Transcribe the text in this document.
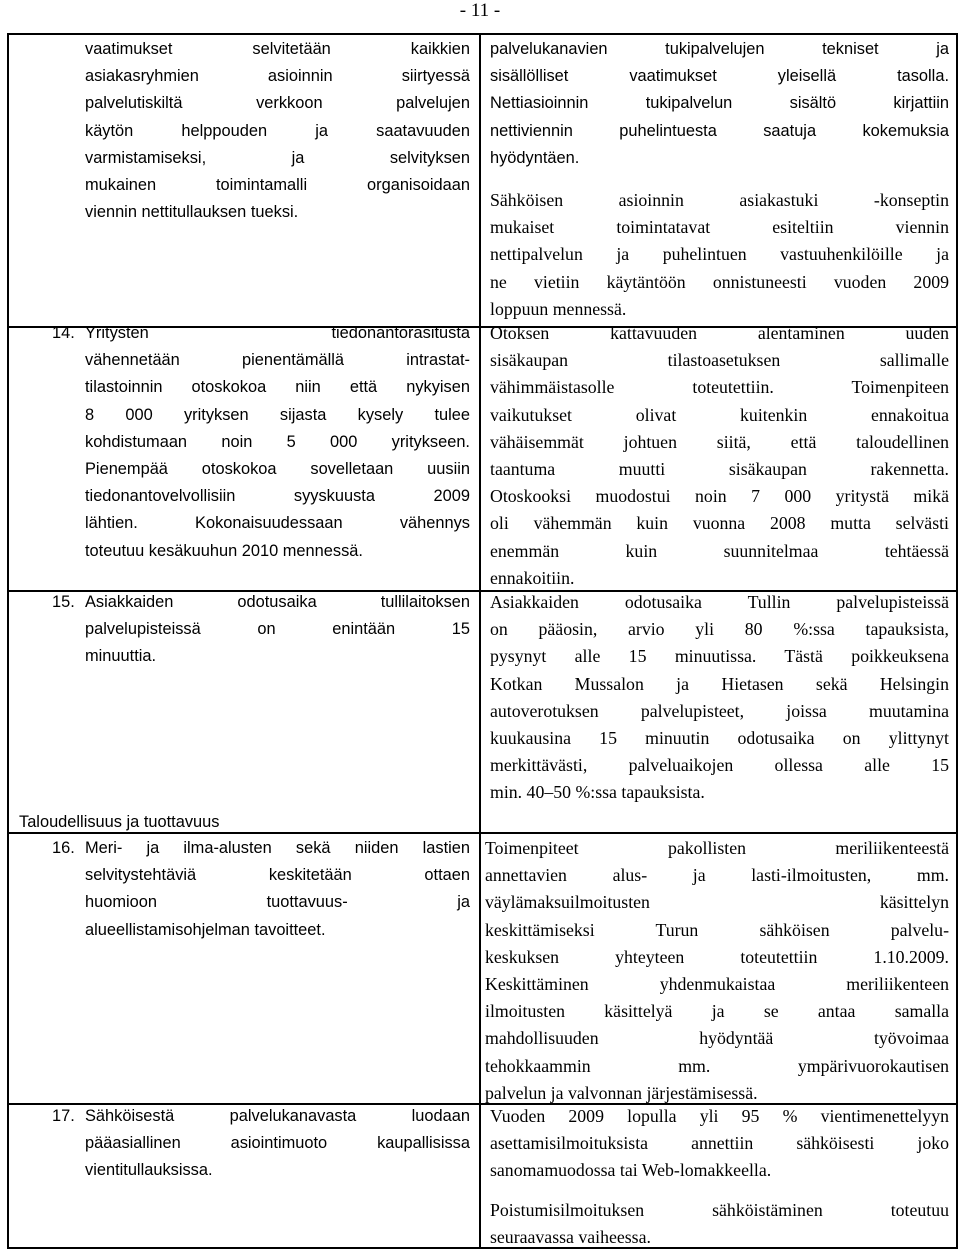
- 11 -
vaatimukset selvitetään kaikkien
asiakasryhmien asioinnin siirtyessä
palvelutiskiltä verkkoon palvelujen
käytön helppouden ja saatavuuden
varmistamiseksi, ja selvityksen
mukainen toimintamalli organisoidaan
viennin nettitullauksen tueksi.
palvelukanavien tukipalvelujen tekniset ja
sisällölliset vaatimukset yleisellä tasolla.
Nettiasioinnin tukipalvelun sisältö kirjattiin
nettiviennin puhelintuesta saatuja kokemuksia
hyödyntäen.
Sähköisen asioinnin asiakastuki -konseptin
mukaiset toimintatavat esiteltiin viennin
nettipalvelun ja puhelintuen vastuuhenkilöille ja
ne vietiin käytäntöön onnistuneesti vuoden 2009
loppuun mennessä.
14. Yritysten tiedonantorasitusta
vähennetään pienentämällä intrastat-
tilastoinnin otoskokoa niin että nykyisen
8 000 yrityksen sijasta kysely tulee
kohdistumaan noin 5 000 yritykseen.
Pienempää otoskokoa sovelletaan uusiin
tiedonantovelvollisiin syyskuusta 2009
lähtien. Kokonaisuudessaan vähennys
toteutuu kesäkuuhun 2010 mennessä.
Otoksen kattavuuden alentaminen uuden
sisäkaupan tilastoasetuksen sallimalle
vähimmäistasolle toteutettiin. Toimenpiteen
vaikutukset olivat kuitenkin ennakoitua
vähäisemmät johtuen siitä, että taloudellinen
taantuma muutti sisäkaupan rakennetta.
Otoskooksi muodostui noin 7 000 yritystä mikä
oli vähemmän kuin vuonna 2008 mutta selvästi
enemmän kuin suunnitelmaa tehtäessä
ennakoitiin.
15. Asiakkaiden odotusaika tullilaitoksen
palvelupisteissä on enintään 15
minuuttia.
Asiakkaiden odotusaika Tullin palvelupisteissä
on pääosin, arvio yli 80 %:ssa tapauksista,
pysynyt alle 15 minuutissa. Tästä poikkeuksena
Kotkan Mussalon ja Hietasen sekä Helsingin
autoverotuksen palvelupisteet, joissa muutamina
kuukausina 15 minuutin odotusaika on ylittynyt
merkittävästi, palveluaikojen ollessa alle 15
min. 40–50 %:ssa tapauksista.
Taloudellisuus ja tuottavuus
16. Meri- ja ilma-alusten sekä niiden lastien
selvitystehtäviä keskitetään ottaen
huomioon tuottavuus- ja
alueellistamisohjelman tavoitteet.
Toimenpiteet pakollisten meriliikenteestä
annettavien alus- ja lasti-ilmoitusten, mm.
väylämaksuilmoitusten käsittelyn
keskittämiseksi Turun sähköisen palvelu-
keskuksen yhteyteen toteutettiin 1.10.2009.
Keskittäminen yhdenmukaistaa meriliikenteen
ilmoitusten käsittelyä ja se antaa samalla
mahdollisuuden hyödyntää työvoimaa
tehokkaammin mm. ympärivuorokautisen
palvelun ja valvonnan järjestämisessä.
17. Sähköisestä palvelukanavasta luodaan
pääasiallinen asiointimuoto kaupallisissa
vientitullauksissa.
Vuoden 2009 lopulla yli 95 % vientimenettelyyn
asettamisilmoituksista annettiin sähköisesti joko
sanomamuodossa tai Web-lomakkeella.
Poistumisilmoituksen sähköistäminen toteutuu
seuraavassa vaiheessa.
